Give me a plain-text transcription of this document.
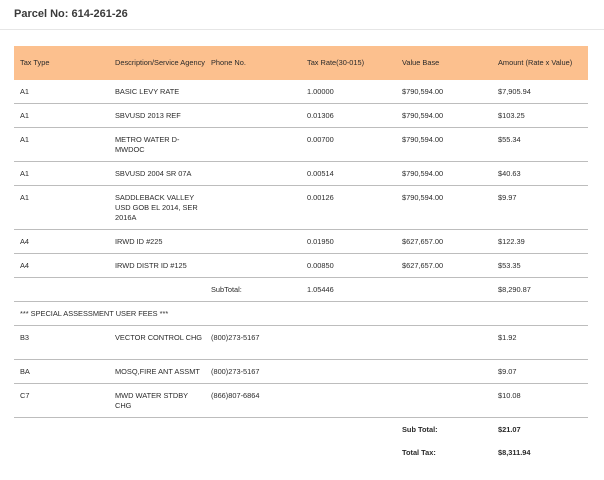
Parcel No: 614-261-26
Tax Type	Description/Service Agency	Phone No.	Tax Rate(30-015)	Value Base	Amount (Rate x Value)
A1	BASIC LEVY RATE		1.00000	$790,594.00	$7,905.94
A1	SBVUSD 2013 REF		0.01306	$790,594.00	$103.25
A1	METRO WATER D-MWDOC		0.00700	$790,594.00	$55.34
A1	SBVUSD 2004 SR 07A		0.00514	$790,594.00	$40.63
A1	SADDLEBACK VALLEY USD GOB EL 2014, SER 2016A		0.00126	$790,594.00	$9.97
A4	IRWD ID #225		0.01950	$627,657.00	$122.39
A4	IRWD DISTR ID #125		0.00850	$627,657.00	$53.35
		SubTotal:	1.05446		$8,290.87
*** SPECIAL ASSESSMENT USER FEES ***					
B3	VECTOR CONTROL CHG	(800)273-5167			$1.92
BA	MOSQ,FIRE ANT ASSMT	(800)273-5167			$9.07
C7	MWD WATER STDBY CHG	(866)807-6864			$10.08
				Sub Total:	$21.07
				Total Tax:	$8,311.94
